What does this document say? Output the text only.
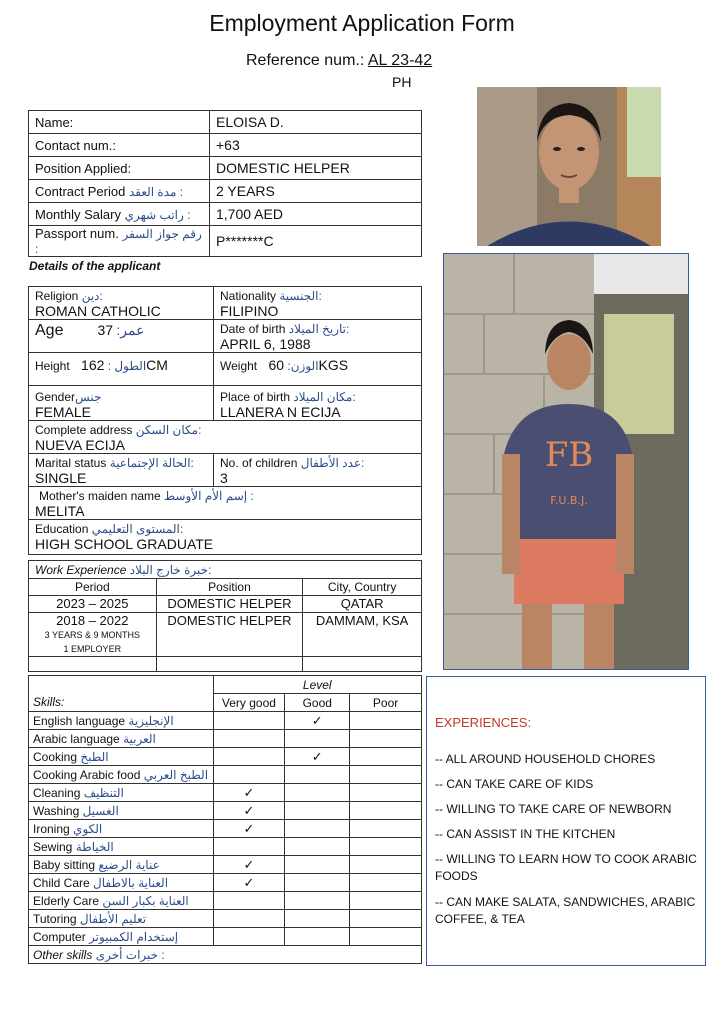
Employment Application Form
Reference num.: AL 23-42
PH
Name:	ELOISA D.
Contact num.:	+63
Position Applied:	DOMESTIC HELPER
Contract Period مدة العقد :	2 YEARS
Monthly Salary راتب شهري :	1,700 AED
Passport num. رقم جواز السفر :	P*******C
Details of the applicant
Religion دين:
ROMAN CATHOLIC
Nationality الجنسية:
FILIPINO
Age	عمر: 37	Date of birth تاريخ الميلاد:
APRIL 6, 1988
Height	الطول : 162CM	Weight	الوزن: 60KGS
Genderجنس
FEMALE
Place of birth مكان الميلاد:
LLANERA N ECIJA
Complete address مكان السكن:
NUEVA ECIJA
Marital status الحالة الإجتماعية:
SINGLE
No. of children عدد الأطفال:
3
Mother's maiden name إسم الأم الأوسط :
MELITA
Education المستوى التعليمي:
HIGH SCHOOL GRADUATE
FB
F.U.B.J.
Work Experience خبرة خارج البلاد:
Period	Position	City, Country
2023 – 2025	DOMESTIC HELPER	QATAR
2018 – 2022
3 YEARS & 9 MONTHS
1 EMPLOYER	DOMESTIC HELPER	DAMMAM, KSA

	Level		
Skills:	Very good	Good	Poor
English language الإنجليزية		✓	
Arabic language العربية			
Cooking الطبخ		✓	
Cooking Arabic food الطبخ العربي			
Cleaning التنظيف	✓		
Washing الغسيل	✓		
Ironing الكوي	✓		
Sewing الخياطة			
Baby sitting عناية الرضيع	✓		
Child Care العناية بالاطفال	✓		
Elderly Care العناية بكبار السن			
Tutoring تعليم الأطفال			
Computer إستخدام الكمبيوتر			
Other skills خبرات أخرى :			
EXPERIENCES:
-- ALL AROUND HOUSEHOLD CHORES
-- CAN TAKE CARE OF KIDS
-- WILLING TO TAKE CARE OF NEWBORN
-- CAN ASSIST IN THE KITCHEN
-- WILLING TO LEARN HOW TO COOK ARABIC FOODS
-- CAN MAKE SALATA, SANDWICHES, ARABIC COFFEE, & TEA
